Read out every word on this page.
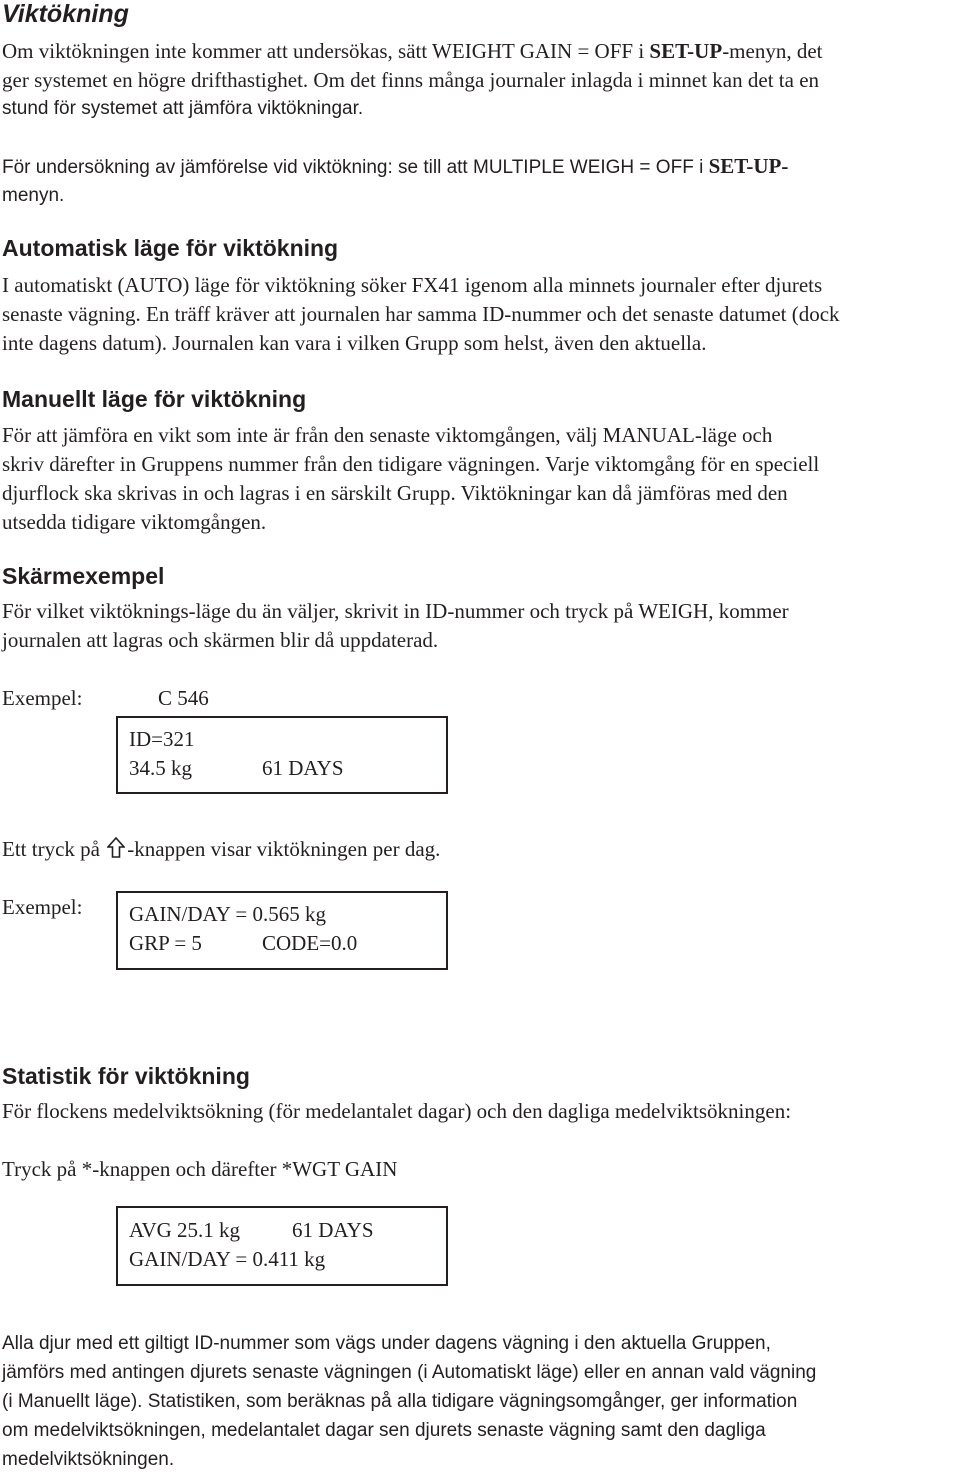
Viktökning
Om viktökningen inte kommer att undersökas, sätt WEIGHT GAIN = OFF i SET-UP-menyn, det
ger systemet en högre drifthastighet. Om det finns många journaler inlagda i minnet kan det ta en
stund för systemet att jämföra viktökningar.
För undersökning av jämförelse vid viktökning: se till att MULTIPLE WEIGH = OFF i SET-UP-
menyn.
Automatisk läge för viktökning
I automatiskt (AUTO) läge för viktökning söker FX41 igenom alla minnets journaler efter djurets
senaste vägning. En träff kräver att journalen har samma ID-nummer och det senaste datumet (dock
inte dagens datum). Journalen kan vara i vilken Grupp som helst, även den aktuella.
Manuellt läge för viktökning
För att jämföra en vikt som inte är från den senaste viktomgången, välj MANUAL-läge och
skriv därefter in Gruppens nummer från den tidigare vägningen. Varje viktomgång för en speciell
djurflock ska skrivas in och lagras i en särskilt Grupp. Viktökningar kan då jämföras med den
utsedda tidigare viktomgången.
Skärmexempel
För vilket viktöknings-läge du än väljer, skrivit in ID-nummer och tryck på WEIGH, kommer
journalen att lagras och skärmen blir då uppdaterad.
Exempel:	C 546
ID=321
34.5 kg	61 DAYS
Ett tryck på -knappen visar viktökningen per dag.
Exempel: GAIN/DAY = 0.565 kg
GRP = 5	CODE=0.0
Statistik för viktökning
För flockens medelviktsökning (för medelantalet dagar) och den dagliga medelviktsökningen:
Tryck på *-knappen och därefter *WGT GAIN
AVG 25.1 kg 61 DAYS
GAIN/DAY = 0.411 kg
Alla djur med ett giltigt ID-nummer som vägs under dagens vägning i den aktuella Gruppen,
jämförs med antingen djurets senaste vägningen (i Automatiskt läge) eller en annan vald vägning
(i Manuellt läge). Statistiken, som beräknas på alla tidigare vägningsomgånger, ger information
om medelviktsökningen, medelantalet dagar sen djurets senaste vägning samt den dagliga
medelviktsökningen.
